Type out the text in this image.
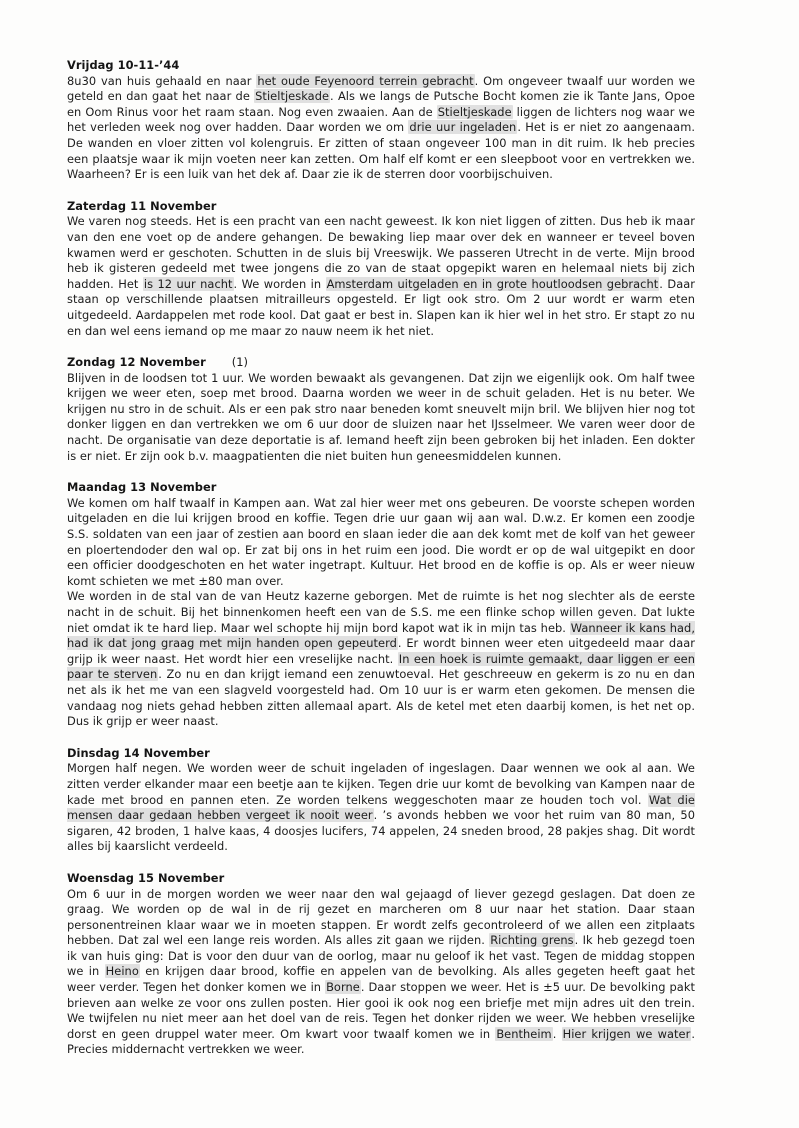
Vrijdag 10-11-’44

8u30 van huis gehaald en naar het oude Feyenoord terrein gebracht. Om ongeveer twaalf uur worden we geteld en dan gaat het naar de Stieltjeskade. Als we langs de Putsche Bocht komen zie ik Tante Jans, Opoe en Oom Rinus voor het raam staan. Nog even zwaaien. Aan de Stieltjeskade liggen de lichters nog waar we het verleden week nog over hadden. Daar worden we om drie uur ingeladen. Het is er niet zo aangenaam. De wanden en vloer zitten vol kolengruis. Er zitten of staan ongeveer 100 man in dit ruim. Ik heb precies een plaatsje waar ik mijn voeten neer kan zetten. Om half elf komt er een sleepboot voor en vertrekken we. Waarheen? Er is een luik van het dek af. Daar zie ik de sterren door voorbijschuiven.

Zaterdag 11 November

We varen nog steeds. Het is een pracht van een nacht geweest. Ik kon niet liggen of zitten. Dus heb ik maar van den ene voet op de andere gehangen. De bewaking liep maar over dek en wanneer er teveel boven kwamen werd er geschoten. Schutten in de sluis bij Vreeswijk. We passeren Utrecht in de verte. Mijn brood heb ik gisteren gedeeld met twee jongens die zo van de staat opgepikt waren en helemaal niets bij zich hadden. Het is 12 uur nacht. We worden in Amsterdam uitgeladen en in grote houtloodsen gebracht. Daar staan op verschillende plaatsen mitrailleurs opgesteld. Er ligt ook stro. Om 2 uur wordt er warm eten uitgedeeld. Aardappelen met rode kool. Dat gaat er best in. Slapen kan ik hier wel in het stro. Er stapt zo nu en dan wel eens iemand op me maar zo nauw neem ik het niet.

Zondag 12 November (1)

Blijven in de loodsen tot 1 uur. We worden bewaakt als gevangenen. Dat zijn we eigenlijk ook. Om half twee krijgen we weer eten, soep met brood. Daarna worden we weer in de schuit geladen. Het is nu beter. We krijgen nu stro in de schuit. Als er een pak stro naar beneden komt sneuvelt mijn bril. We blijven hier nog tot donker liggen en dan vertrekken we om 6 uur door de sluizen naar het IJsselmeer. We varen weer door de nacht. De organisatie van deze deportatie is af. Iemand heeft zijn been gebroken bij het inladen. Een dokter is er niet. Er zijn ook b.v. maagpatienten die niet buiten hun geneesmiddelen kunnen.

Maandag 13 November

We komen om half twaalf in Kampen aan. Wat zal hier weer met ons gebeuren. De voorste schepen worden uitgeladen en die lui krijgen brood en koffie. Tegen drie uur gaan wij aan wal. D.w.z. Er komen een zoodje S.S. soldaten van een jaar of zestien aan boord en slaan ieder die aan dek komt met de kolf van het geweer en ploertendoder den wal op. Er zat bij ons in het ruim een jood. Die wordt er op de wal uitgepikt en door een officier doodgeschoten en het water ingetrapt. Kultuur. Het brood en de koffie is op. Als er weer nieuw komt schieten we met ±80 man over.

We worden in de stal van de van Heutz kazerne geborgen. Met de ruimte is het nog slechter als de eerste nacht in de schuit. Bij het binnenkomen heeft een van de S.S. me een flinke schop willen geven. Dat lukte niet omdat ik te hard liep. Maar wel schopte hij mijn bord kapot wat ik in mijn tas heb. Wanneer ik kans had, had ik dat jong graag met mijn handen open gepeuterd. Er wordt binnen weer eten uitgedeeld maar daar grijp ik weer naast. Het wordt hier een vreselijke nacht. In een hoek is ruimte gemaakt, daar liggen er een paar te sterven. Zo nu en dan krijgt iemand een zenuwtoeval. Het geschreeuw en gekerm is zo nu en dan net als ik het me van een slagveld voorgesteld had. Om 10 uur is er warm eten gekomen. De mensen die vandaag nog niets gehad hebben zitten allemaal apart. Als de ketel met eten daarbij komen, is het net op. Dus ik grijp er weer naast.

Dinsdag 14 November

Morgen half negen. We worden weer de schuit ingeladen of ingeslagen. Daar wennen we ook al aan. We zitten verder elkander maar een beetje aan te kijken. Tegen drie uur komt de bevolking van Kampen naar de kade met brood en pannen eten. Ze worden telkens weggeschoten maar ze houden toch vol. Wat die mensen daar gedaan hebben vergeet ik nooit weer. ’s avonds hebben we voor het ruim van 80 man, 50 sigaren, 42 broden, 1 halve kaas, 4 doosjes lucifers, 74 appelen, 24 sneden brood, 28 pakjes shag. Dit wordt alles bij kaarslicht verdeeld.

Woensdag 15 November

Om 6 uur in de morgen worden we weer naar den wal gejaagd of liever gezegd geslagen. Dat doen ze graag. We worden op de wal in de rij gezet en marcheren om 8 uur naar het station. Daar staan personentreinen klaar waar we in moeten stappen. Er wordt zelfs gecontroleerd of we allen een zitplaats hebben. Dat zal wel een lange reis worden. Als alles zit gaan we rijden. Richting grens. Ik heb gezegd toen ik van huis ging: Dat is voor den duur van de oorlog, maar nu geloof ik het vast. Tegen de middag stoppen we in Heino en krijgen daar brood, koffie en appelen van de bevolking. Als alles gegeten heeft gaat het weer verder. Tegen het donker komen we in Borne. Daar stoppen we weer. Het is ±5 uur. De bevolking pakt brieven aan welke ze voor ons zullen posten. Hier gooi ik ook nog een briefje met mijn adres uit den trein. We twijfelen nu niet meer aan het doel van de reis. Tegen het donker rijden we weer. We hebben vreselijke dorst en geen druppel water meer. Om kwart voor twaalf komen we in Bentheim. Hier krijgen we water. Precies middernacht vertrekken we weer.
